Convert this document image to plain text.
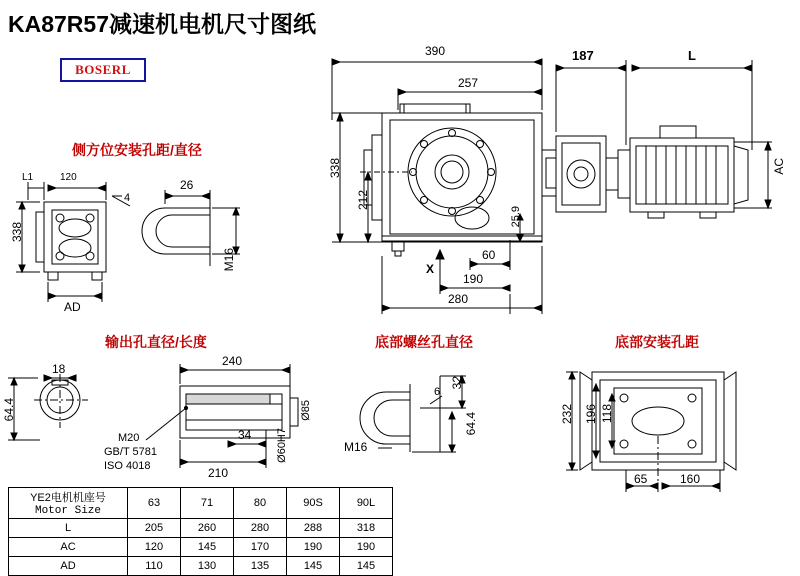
KA87R57减速机电机尺寸图纸
BOSERL
侧方位安装孔距/直径
输出孔直径/长度	底部螺丝孔直径	底部安装孔距
390
257
187	L
AC
338
212
25.9
X
60
190
280
L1	120
4
26
M16
338
AD
18
64.4
240
210
34
Ø85
Ø60H7
M20
GB/T 5781
ISO 4018
32
6
64.4
M16
232 196 118
65	160
YE2电机机座号
Motor Size	63	71	80	90S	90L
L	205	260	280	288	318
AC	120	145	170	190	190
AD	110	130	135	145	145
